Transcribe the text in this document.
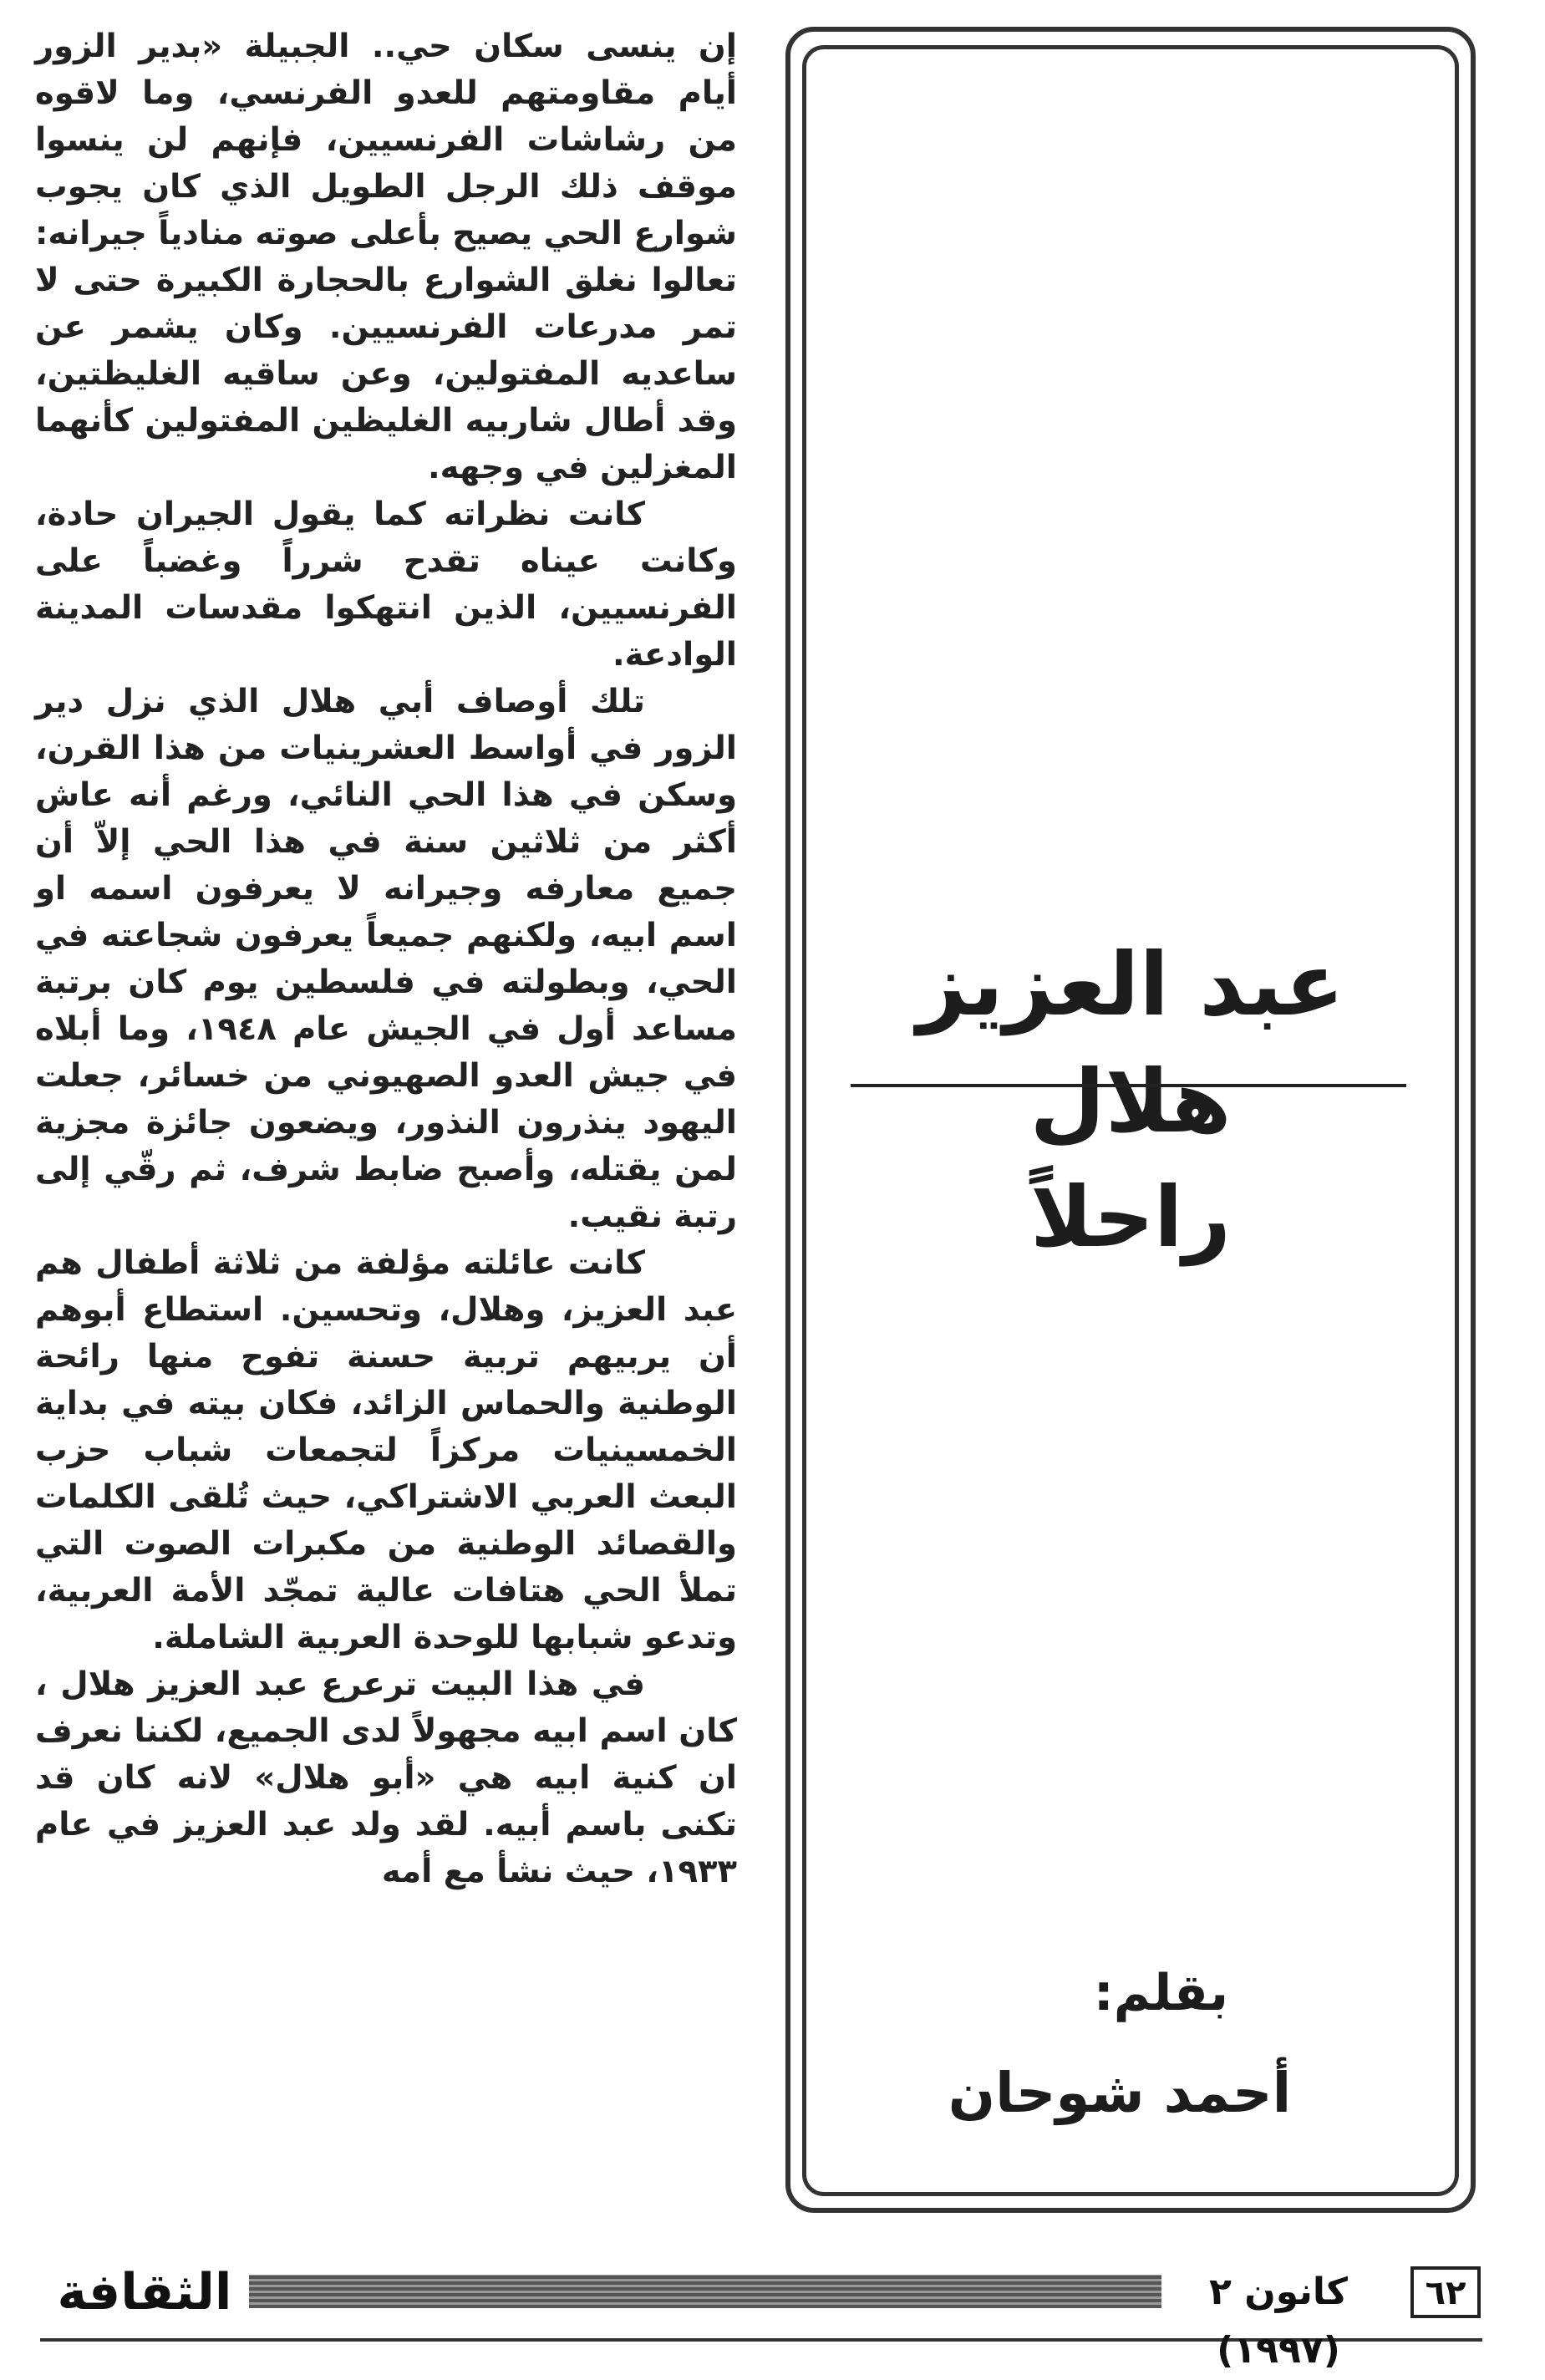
إن ينسى سكان حي.. الجبيلة «بدير الزور أيام مقاومتهم للعدو الفرنسي، وما لاقوه من رشاشات الفرنسيين، فإنهم لن ينسوا موقف ذلك الرجل الطويل الذي كان يجوب شوارع الحي يصيح بأعلى صوته منادياً جيرانه: تعالوا نغلق الشوارع بالحجارة الكبيرة حتى لا تمر مدرعات الفرنسيين. وكان يشمر عن ساعديه المفتولين، وعن ساقيه الغليظتين، وقد أطال شاربيه الغليظين المفتولين كأنهما المغزلين في وجهه.

كانت نظراته كما يقول الجيران حادة، وكانت عيناه تقدح شرراً وغضباً على الفرنسيين، الذين انتهكوا مقدسات المدينة الوادعة.

تلك أوصاف أبي هلال الذي نزل دير الزور في أواسط العشرينيات من هذا القرن، وسكن في هذا الحي النائي، ورغم أنه عاش أكثر من ثلاثين سنة في هذا الحي إلاّ أن جميع معارفه وجيرانه لا يعرفون اسمه او اسم ابيه، ولكنهم جميعاً يعرفون شجاعته في الحي، وبطولته في فلسطين يوم كان برتبة مساعد أول في الجيش عام ١٩٤٨، وما أبلاه في جيش العدو الصهيوني من خسائر، جعلت اليهود ينذرون النذور، ويضعون جائزة مجزية لمن يقتله، وأصبح ضابط شرف، ثم رقّي إلى رتبة نقيب.

كانت عائلته مؤلفة من ثلاثة أطفال هم عبد العزيز، وهلال، وتحسين. استطاع أبوهم أن يربيهم تربية حسنة تفوح منها رائحة الوطنية والحماس الزائد، فكان بيته في بداية الخمسينيات مركزاً لتجمعات شباب حزب البعث العربي الاشتراكي، حيث تُلقى الكلمات والقصائد الوطنية من مكبرات الصوت التي تملأ الحي هتافات عالية تمجّد الأمة العربية، وتدعو شبابها للوحدة العربية الشاملة.

في هذا البيت ترعرع عبد العزيز هلال ، كان اسم ابيه مجهولاً لدى الجميع، لكننا نعرف ان كنية ابيه هي «أبو هلال» لانه كان قد تكنى باسم أبيه. لقد ولد عبد العزيز في عام ١٩٣٣، حيث نشأ مع أمه

عبد العزيز هلال
راحلاً
بقلم:
أحمد شوحان
الثقافة	كانون ٢ (١٩٩٧)
٦٢
